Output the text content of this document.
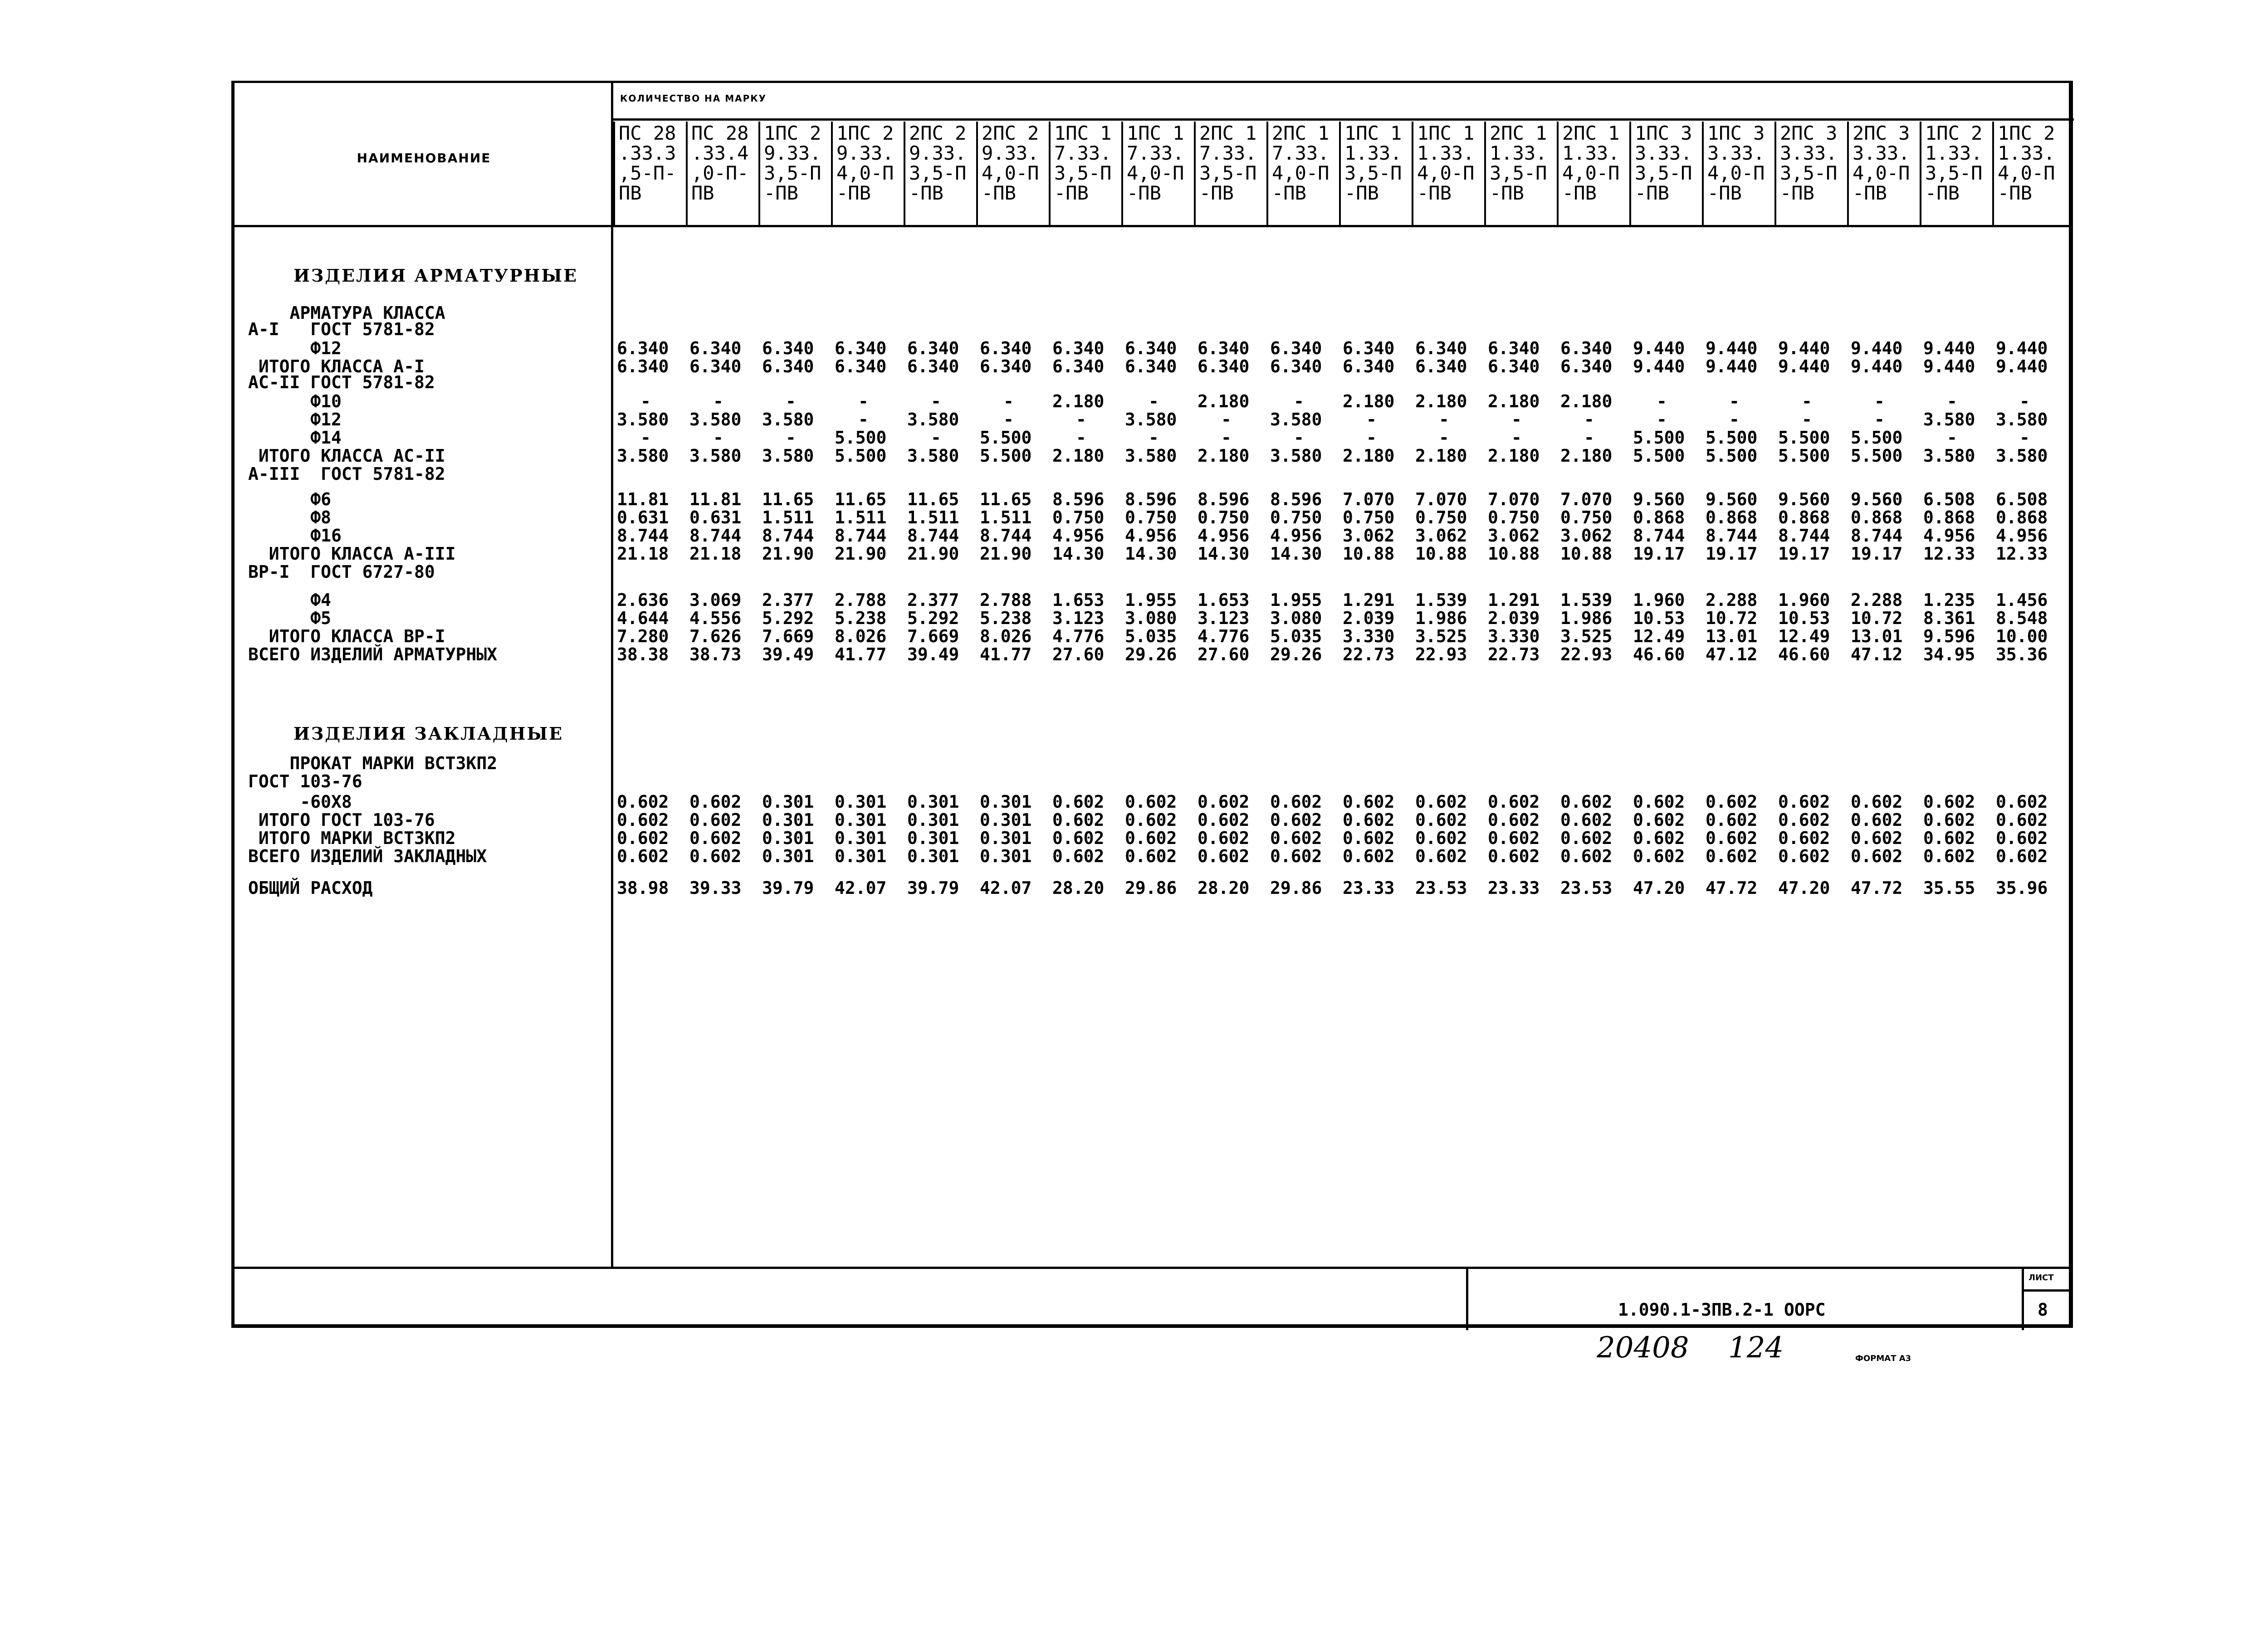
НАИМЕНОВАНИЕ
КОЛИЧЕСТВО НА МАРКУ
ПС 28
.33.3
,5-П-
ПВ
ПС 28
.33.4
,0-П-
ПВ
1ПС 2
9.33.
3,5-П
-ПВ
1ПС 2
9.33.
4,0-П
-ПВ
2ПС 2
9.33.
3,5-П
-ПВ
2ПС 2
9.33.
4,0-П
-ПВ
1ПС 1
7.33.
3,5-П
-ПВ
1ПС 1
7.33.
4,0-П
-ПВ
2ПС 1
7.33.
3,5-П
-ПВ
2ПС 1
7.33.
4,0-П
-ПВ
1ПС 1
1.33.
3,5-П
-ПВ
1ПС 1
1.33.
4,0-П
-ПВ
2ПС 1
1.33.
3,5-П
-ПВ
2ПС 1
1.33.
4,0-П
-ПВ
1ПС 3
3.33.
3,5-П
-ПВ
1ПС 3
3.33.
4,0-П
-ПВ
2ПС 3
3.33.
3,5-П
-ПВ
2ПС 3
3.33.
4,0-П
-ПВ
1ПС 2
1.33.
3,5-П
-ПВ
1ПС 2
1.33.
4,0-П
-ПВ
ИЗДЕЛИЯ АРМАТУРНЫЕ
АРМАТУРА КЛАССА
А-I   ГОСТ 5781-82
Ф12	6.340	6.340	6.340	6.340	6.340	6.340	6.340	6.340	6.340	6.340	6.340	6.340	6.340	6.340	9.440	9.440	9.440	9.440	9.440	9.440
ИТОГО КЛАССА А-I	6.340	6.340	6.340	6.340	6.340	6.340	6.340	6.340	6.340	6.340	6.340	6.340	6.340	6.340	9.440	9.440	9.440	9.440	9.440	9.440
АС-II ГОСТ 5781-82
Ф10	-	-	-	-	-	-	2.180	-	2.180	-	2.180	2.180	2.180	2.180	-	-	-	-	-	-
Ф12	3.580	3.580	3.580	-	3.580	-	-	3.580	-	3.580	-	-	-	-	-	-	-	-	3.580	3.580
Ф14	-	-	-	5.500	-	5.500	-	-	-	-	-	-	-	-	5.500	5.500	5.500	5.500	-	-
ИТОГО КЛАССА АС-II	3.580	3.580	3.580	5.500	3.580	5.500	2.180	3.580	2.180	3.580	2.180	2.180	2.180	2.180	5.500	5.500	5.500	5.500	3.580	3.580
А-III  ГОСТ 5781-82
Ф6	11.81	11.81	11.65	11.65	11.65	11.65	8.596	8.596	8.596	8.596	7.070	7.070	7.070	7.070	9.560	9.560	9.560	9.560	6.508	6.508
Ф8	0.631	0.631	1.511	1.511	1.511	1.511	0.750	0.750	0.750	0.750	0.750	0.750	0.750	0.750	0.868	0.868	0.868	0.868	0.868	0.868
Ф16	8.744	8.744	8.744	8.744	8.744	8.744	4.956	4.956	4.956	4.956	3.062	3.062	3.062	3.062	8.744	8.744	8.744	8.744	4.956	4.956
ИТОГО КЛАССА А-III	21.18	21.18	21.90	21.90	21.90	21.90	14.30	14.30	14.30	14.30	10.88	10.88	10.88	10.88	19.17	19.17	19.17	19.17	12.33	12.33
ВР-I  ГОСТ 6727-80
Ф4	2.636	3.069	2.377	2.788	2.377	2.788	1.653	1.955	1.653	1.955	1.291	1.539	1.291	1.539	1.960	2.288	1.960	2.288	1.235	1.456
Ф5	4.644	4.556	5.292	5.238	5.292	5.238	3.123	3.080	3.123	3.080	2.039	1.986	2.039	1.986	10.53	10.72	10.53	10.72	8.361	8.548
ИТОГО КЛАССА ВР-I	7.280	7.626	7.669	8.026	7.669	8.026	4.776	5.035	4.776	5.035	3.330	3.525	3.330	3.525	12.49	13.01	12.49	13.01	9.596	10.00
ВСЕГО ИЗДЕЛИЙ АРМАТУРНЫХ	38.38	38.73	39.49	41.77	39.49	41.77	27.60	29.26	27.60	29.26	22.73	22.93	22.73	22.93	46.60	47.12	46.60	47.12	34.95	35.36
ИЗДЕЛИЯ ЗАКЛАДНЫЕ
ПРОКАТ МАРКИ ВСТ3КП2
ГОСТ 103-76
-60Х8	0.602	0.602	0.301	0.301	0.301	0.301	0.602	0.602	0.602	0.602	0.602	0.602	0.602	0.602	0.602	0.602	0.602	0.602	0.602	0.602
ИТОГО ГОСТ 103-76	0.602	0.602	0.301	0.301	0.301	0.301	0.602	0.602	0.602	0.602	0.602	0.602	0.602	0.602	0.602	0.602	0.602	0.602	0.602	0.602
ИТОГО МАРКИ ВСТ3КП2	0.602	0.602	0.301	0.301	0.301	0.301	0.602	0.602	0.602	0.602	0.602	0.602	0.602	0.602	0.602	0.602	0.602	0.602	0.602	0.602
ВСЕГО ИЗДЕЛИЙ ЗАКЛАДНЫХ	0.602	0.602	0.301	0.301	0.301	0.301	0.602	0.602	0.602	0.602	0.602	0.602	0.602	0.602	0.602	0.602	0.602	0.602	0.602	0.602
ОБЩИЙ РАСХОД	38.98	39.33	39.79	42.07	39.79	42.07	28.20	29.86	28.20	29.86	23.33	23.53	23.33	23.53	47.20	47.72	47.20	47.72	35.55	35.96
1.090.1-3ПВ.2-1 ООРС
ЛИСТ
8
20408 124	ФОРМАТ А3
